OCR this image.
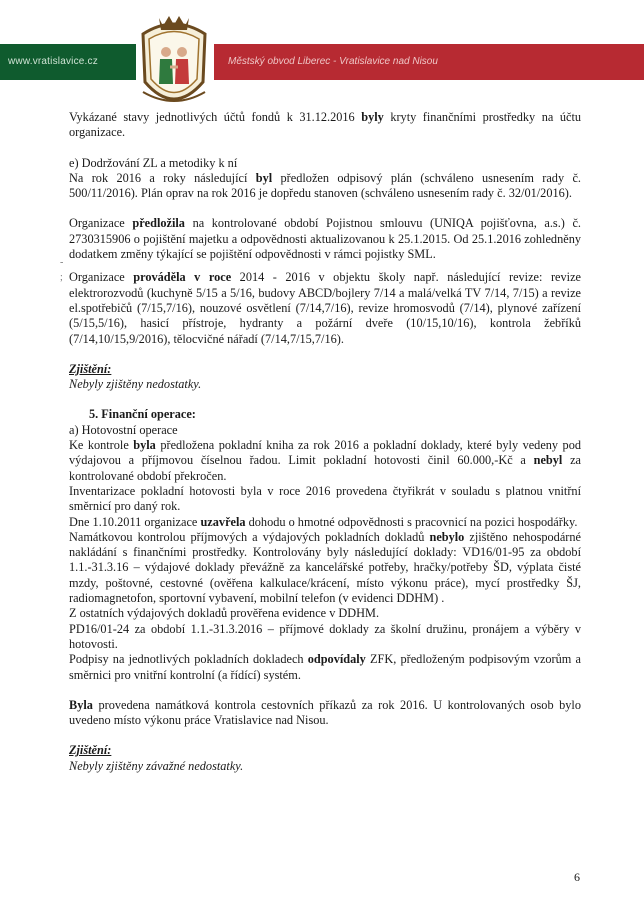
www.vratislavice.cz	Městský obvod Liberec - Vratislavice nad Nisou
-
;

Vykázané stavy jednotlivých účtů fondů k 31.12.2016 byly kryty finančními prostředky na účtu organizace.

e) Dodržování ZL a metodiky k ní

Na rok 2016 a roky následující byl předložen odpisový plán (schváleno usnesením rady č. 500/11/2016). Plán oprav na rok 2016 je dopředu stanoven (schváleno usnesením rady č. 32/01/2016).

Organizace předložila na kontrolované období Pojistnou smlouvu (UNIQA pojišťovna, a.s.) č. 2730315906 o pojištění majetku a odpovědnosti aktualizovanou k 25.1.2015. Od 25.1.2016 zohledněny dodatkem změny týkající se pojištění odpovědnosti v rámci pojistky SML.

Organizace prováděla v roce 2014 - 2016 v objektu školy např. následující revize: revize elektrorozvodů (kuchyně 5/15 a 5/16, budovy ABCD/bojlery 7/14 a malá/velká TV 7/14, 7/15) a revize el.spotřebičů (7/15,7/16), nouzové osvětlení (7/14,7/16), revize hromosvodů (7/14), plynové zařízení (5/15,5/16), hasicí přístroje, hydranty a požární dveře (10/15,10/16), kontrola žebříků (7/14,10/15,9/2016), tělocvičné nářadí (7/14,7/15,7/16).

Zjištění:

Nebyly zjištěny nedostatky.

5. Finanční operace:

a) Hotovostní operace

Ke kontrole byla předložena pokladní kniha za rok 2016 a pokladní doklady, které byly vedeny pod výdajovou a příjmovou číselnou řadou. Limit pokladní hotovosti činil 60.000,-Kč a nebyl za kontrolované období překročen.

Inventarizace pokladní hotovosti byla v roce 2016 provedena čtyřikrát v souladu s platnou vnitřní směrnicí pro daný rok.

Dne 1.10.2011 organizace uzavřela dohodu o hmotné odpovědnosti s pracovnicí na pozici hospodářky.

Namátkovou kontrolou příjmových a výdajových pokladních dokladů nebylo zjištěno nehospodárné nakládání s finančními prostředky. Kontrolovány byly následující doklady: VD16/01-95 za období 1.1.-31.3.16 – výdajové doklady převážně za kancelářské potřeby, hračky/potřeby ŠD, výplata čisté mzdy, poštovné, cestovné (ověřena kalkulace/krácení, místo výkonu práce), mycí prostředky ŠJ, radiomagnetofon, sportovní vybavení, mobilní telefon (v evidenci DDHM) .

Z ostatních výdajových dokladů prověřena evidence v DDHM.

PD16/01-24 za období 1.1.-31.3.2016 – příjmové doklady za školní družinu, pronájem a výběry v hotovosti.

Podpisy na jednotlivých pokladních dokladech odpovídaly ZFK, předloženým podpisovým vzorům a směrnici pro vnitřní kontrolní (a řídící) systém.

Byla provedena namátková kontrola cestovních příkazů za rok 2016. U kontrolovaných osob bylo uvedeno místo výkonu práce Vratislavice nad Nisou.

Zjištění:

Nebyly zjištěny závažné nedostatky.

6
